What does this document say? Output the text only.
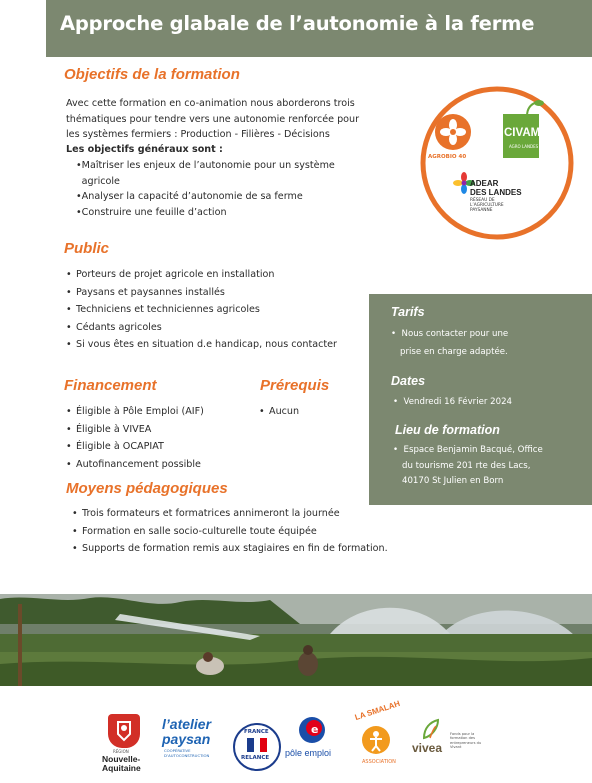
Approche glabale de l’autonomie à la ferme
Objectifs de la formation
Avec cette formation en co-animation nous aborderons trois thématiques pour tendre vers une autonomie renforcée pour les systèmes fermiers : Production - Filières - Décisions
Les objectifs généraux sont :
• Maîtriser les enjeux de l’autonomie pour un système agricole
• Analyser la capacité d’autonomie de sa ferme
• Construire une feuille d’action
AGROBIO 40
CIVAM
AGRO LANDES
ADEAR
DES LANDES
RÉSEAU DE L’AGRICULTURE PAYSANNE
Public
• Porteurs de projet agricole en installation
• Paysans et paysannes installés
• Techniciens et techniciennes agricoles
• Cédants agricoles
• Si vous êtes en situation d.e handicap, nous contacter
Financement
• Éligible à Pôle Emploi (AIF)
• Éligible à VIVEA
• Éligible à OCAPIAT
• Autofinancement possible
Prérequis
• Aucun
Moyens pédagogiques
• Trois formateurs et formatrices annimeront la journée
• Formation en salle socio-culturelle toute équipée
• Supports de formation remis aux stagiaires en fin de formation.
Tarifs
•  Nous contacter pour une
prise en charge adaptée.
Dates
•  Vendredi 16 Février 2024
Lieu de formation
•  Espace Benjamin Bacqué, Office
du tourisme 201 rte des Lacs,
40170 St Julien en Born
RÉGION
Nouvelle-
Aquitaine
l’atelier
paysan
COOPÉRATIVE D’AUTOCONSTRUCTION
FRANCE
RELANCE
e
pôle emploi
LA SMALAH
ASSOCIATION
vivea
Fonds pour la formation des entrepreneurs du Vivant
